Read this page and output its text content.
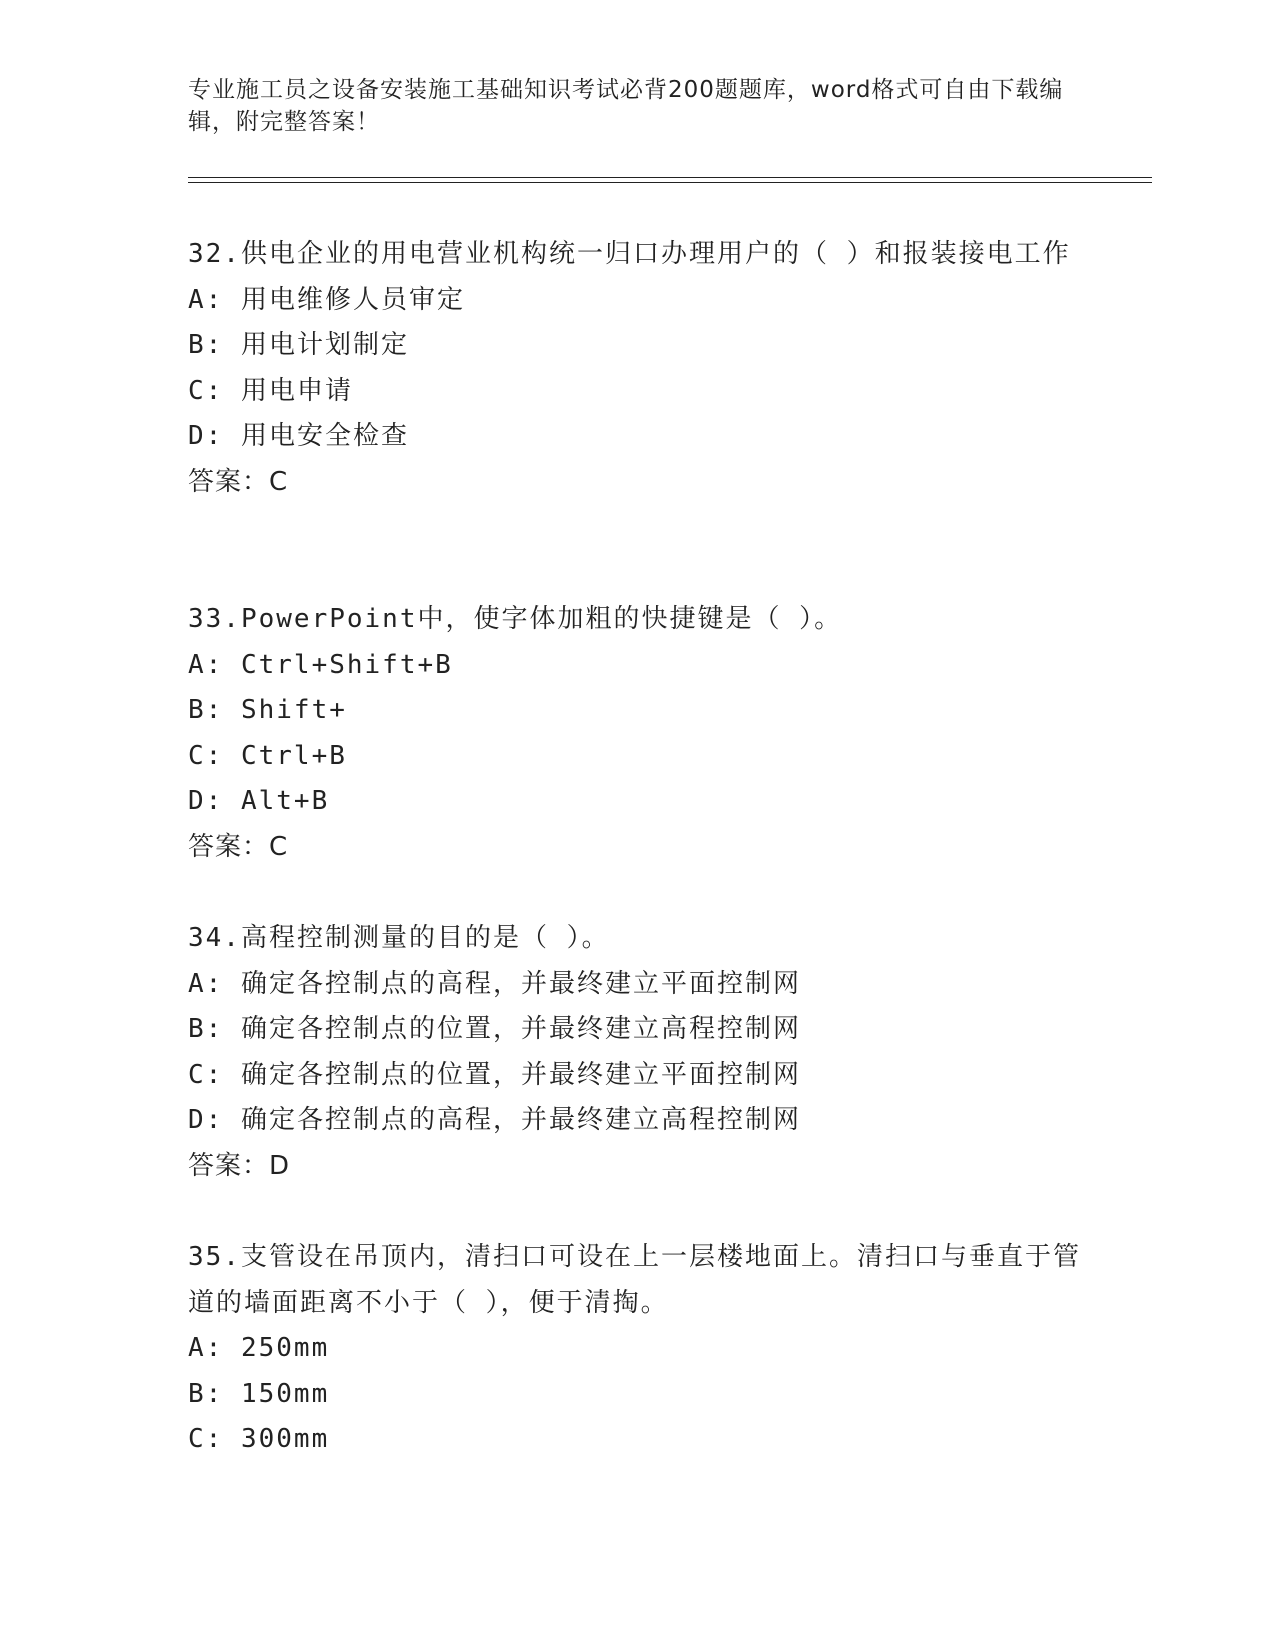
专业施工员之设备安装施工基础知识考试必背200题题库，word格式可自由下载编辑，附完整答案！
32.供电企业的用电营业机构统一归口办理用户的（ ）和报装接电工作
A: 用电维修人员审定
B: 用电计划制定
C: 用电申请
D: 用电安全检查
答案：C
33.PowerPoint中，使字体加粗的快捷键是（ ）。
A: Ctrl+Shift+B
B: Shift+
C: Ctrl+B
D: Alt+B
答案：C
34.高程控制测量的目的是（ ）。
A: 确定各控制点的高程，并最终建立平面控制网
B: 确定各控制点的位置，并最终建立高程控制网
C: 确定各控制点的位置，并最终建立平面控制网
D: 确定各控制点的高程，并最终建立高程控制网
答案：D
35.支管设在吊顶内，清扫口可设在上一层楼地面上。清扫口与垂直于管道的墙面距离不小于（ ），便于清掏。
A: 250mm
B: 150mm
C: 300mm
